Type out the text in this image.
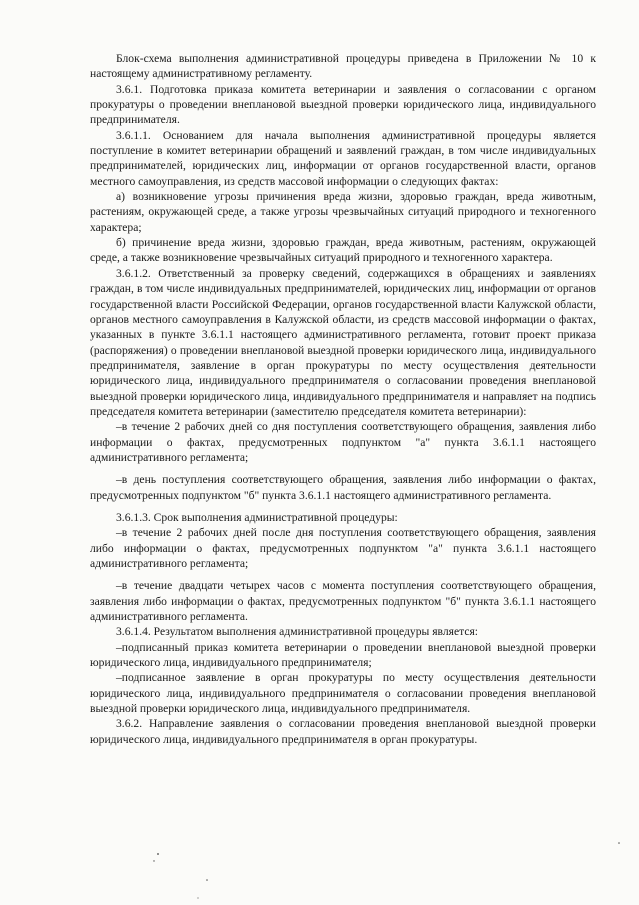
Блок-схема выполнения административной процедуры приведена в Приложении № 10 к настоящему административному регламенту.

3.6.1. Подготовка приказа комитета ветеринарии и заявления о согласовании с органом прокуратуры о проведении внеплановой выездной проверки юридического лица, индивидуального предпринимателя.

3.6.1.1. Основанием для начала выполнения административной процедуры является поступление в комитет ветеринарии обращений и заявлений граждан, в том числе индивидуальных предпринимателей, юридических лиц, информации от органов государственной власти, органов местного самоуправления, из средств массовой информации о следующих фактах:

а) возникновение угрозы причинения вреда жизни, здоровью граждан, вреда животным, растениям, окружающей среде, а также угрозы чрезвычайных ситуаций природного и техногенного характера;

б) причинение вреда жизни, здоровью граждан, вреда животным, растениям, окружающей среде, а также возникновение чрезвычайных ситуаций природного и техногенного характера.

3.6.1.2. Ответственный за проверку сведений, содержащихся в обращениях и заявлениях граждан, в том числе индивидуальных предпринимателей, юридических лиц, информации от органов государственной власти Российской Федерации, органов государственной власти Калужской области, органов местного самоуправления в Калужской области, из средств массовой информации о фактах, указанных в пункте 3.6.1.1 настоящего административного регламента, готовит проект приказа (распоряжения) о проведении внеплановой выездной проверки юридического лица, индивидуального предпринимателя, заявление в орган прокуратуры по месту осуществления деятельности юридического лица, индивидуального предпринимателя о согласовании проведения внеплановой выездной проверки юридического лица, индивидуального предпринимателя и направляет на подпись председателя комитета ветеринарии (заместителю председателя комитета ветеринарии):

–в течение 2 рабочих дней со дня поступления соответствующего обращения, заявления либо информации о фактах, предусмотренных подпунктом "а" пункта 3.6.1.1 настоящего административного регламента;

–в день поступления соответствующего обращения, заявления либо информации о фактах, предусмотренных подпунктом "б" пункта 3.6.1.1 настоящего административного регламента.

3.6.1.3. Срок выполнения административной процедуры:

–в течение 2 рабочих дней после дня поступления соответствующего обращения, заявления либо информации о фактах, предусмотренных подпунктом "а" пункта 3.6.1.1 настоящего административного регламента;

–в течение двадцати четырех часов с момента поступления соответствующего обращения, заявления либо информации о фактах, предусмотренных подпунктом "б" пункта 3.6.1.1 настоящего административного регламента.

3.6.1.4. Результатом выполнения административной процедуры является:

–подписанный приказ комитета ветеринарии о проведении внеплановой выездной проверки юридического лица, индивидуального предпринимателя;

–подписанное заявление в орган прокуратуры по месту осуществления деятельности юридического лица, индивидуального предпринимателя о согласовании проведения внеплановой выездной проверки юридического лица, индивидуального предпринимателя.

3.6.2. Направление заявления о согласовании проведения внеплановой выездной проверки юридического лица, индивидуального предпринимателя в орган прокуратуры.
